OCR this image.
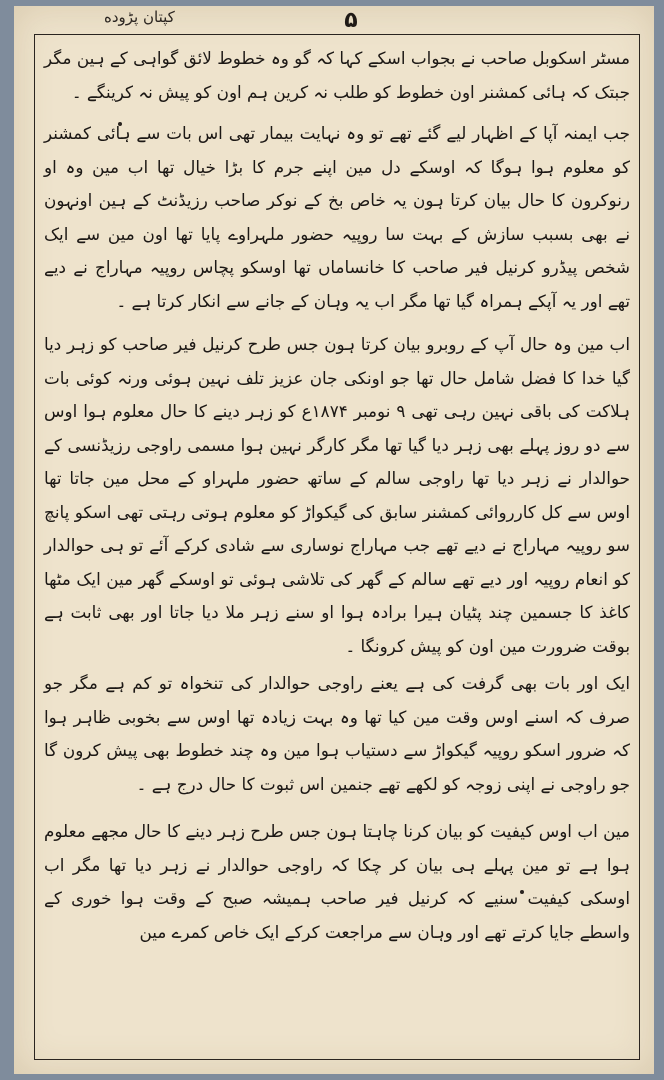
کپتان پڑوده	۵

مسٹر اسکوبل صاحب نے بجواب اسکے کہا کہ گو وہ خطوط لائق گواہی کے ہین مگر جبتک کہ ہائی کمشنر اون خطوط کو طلب نہ کرین ہم اون کو پیش نہ کرینگے ۔

جب ایمنہ آپا کے اظہار لیے گئے تھے تو وہ نہایت بیمار تھی اس بات سے ہائی کمشنر کو معلوم ہوا ہوگا کہ اوسکے دل مین اپنے جرم کا بڑا خیال تھا اب مین وہ او رنوکرون کا حال بیان کرتا ہون یہ خاص بخ کے نوکر صاحب رزیڈنٹ کے ہین اونہون نے بھی بسبب سازش کے بہت سا روپیہ حضور ملہراوے پایا تھا اون مین سے ایک شخص پیڈرو کرنیل فیر صاحب کا خانساماں تھا اوسکو پچاس روپیہ مہاراج نے دیے تھے اور یہ آپکے ہمراہ گیا تھا مگر اب یہ وہان کے جانے سے انکار کرتا ہے ۔

اب مین وہ حال آپ کے روبرو بیان کرتا ہون جس طرح کرنیل فیر صاحب کو زہر دیا گیا خدا کا فضل شامل حال تھا جو اونکی جان عزیز تلف نہین ہوئی ورنہ کوئی بات ہلاکت کی باقی نہین رہی تھی ۹ نومبر ۱۸۷۴ع کو زہر دینے کا حال معلوم ہوا اوس سے دو روز پہلے بھی زہر دیا گیا تھا مگر کارگر نہین ہوا مسمی راوجی رزیڈنسی کے حوالدار نے زہر دیا تھا راوجی سالم کے ساتھ حضور ملہراو کے محل مین جاتا تھا اوس سے کل کارروائی کمشنر سابق کی گیکواڑ کو معلوم ہوتی رہتی تھی اسکو پانچ سو روپیہ مہاراج نے دیے تھے جب مہاراج نوساری سے شادی کرکے آئے تو ہی حوالدار کو انعام روپیہ اور دیے تھے سالم کے گھر کی تلاشی ہوئی تو اوسکے گھر مین ایک مٹھا کاغذ کا جسمین چند پٹیان ہیرا برادہ ہوا او سنے زہر ملا دیا جاتا اور بھی ثابت ہے بوقت ضرورت مین اون کو پیش کرونگا ۔

ایک اور بات بھی گرفت کی ہے یعنے راوجی حوالدار کی تنخواہ تو کم ہے مگر جو صرف کہ اسنے اوس وقت مین کیا تھا وہ بہت زیادہ تھا اوس سے بخوبی ظاہر ہوا کہ ضرور اسکو روپیہ گیکواڑ سے دستیاب ہوا مین وہ چند خطوط بھی پیش کرون گا جو راوجی نے اپنی زوجہ کو لکھے تھے جنمین اس ثبوت کا حال درج ہے ۔

مین اب اوس کیفیت کو بیان کرنا چاہتا ہون جس طرح زہر دینے کا حال مجھے معلوم ہوا ہے تو مین پہلے ہی بیان کر چکا کہ راوجی حوالدار نے زہر دیا تھا مگر اب اوسکی کیفیت سنیے کہ کرنیل فیر صاحب ہمیشہ صبح کے وقت ہوا خوری کے واسطے جایا کرتے تھے اور وہان سے مراجعت کرکے ایک خاص کمرے مین
